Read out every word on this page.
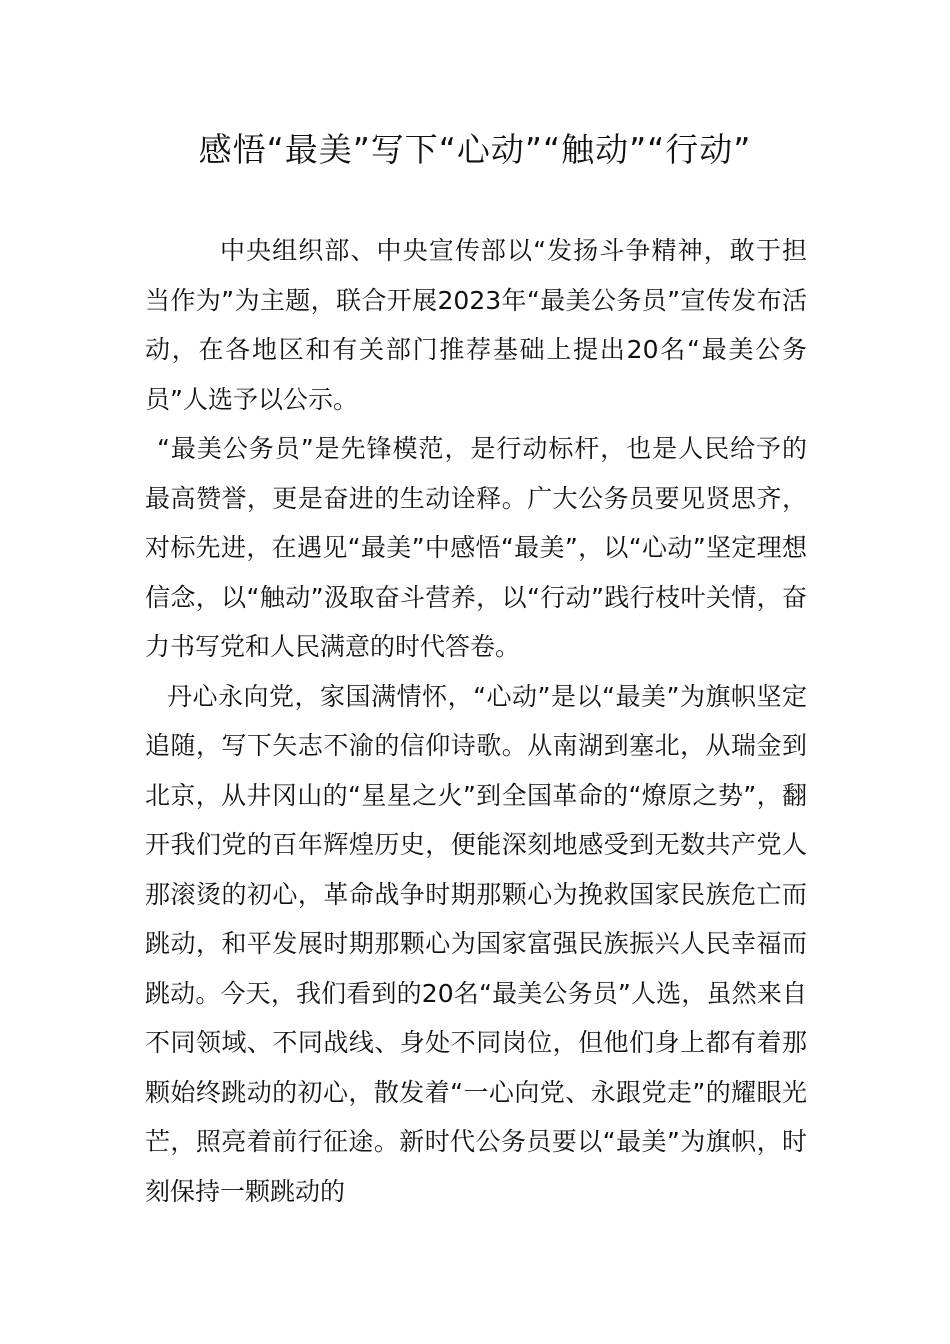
感悟“最美”写下“心动”“触动”“行动”

中央组织部、中央宣传部以“发扬斗争精神，敢于担当作为”为主题，联合开展2023年“最美公务员”宣传发布活动，在各地区和有关部门推荐基础上提出20名“最美公务员”人选予以公示。

“最美公务员”是先锋模范，是行动标杆，也是人民给予的最高赞誉，更是奋进的生动诠释。广大公务员要见贤思齐，对标先进，在遇见“最美”中感悟“最美”，以“心动”坚定理想信念，以“触动”汲取奋斗营养，以“行动”践行枝叶关情，奋力书写党和人民满意的时代答卷。

丹心永向党，家国满情怀，“心动”是以“最美”为旗帜坚定追随，写下矢志不渝的信仰诗歌。从南湖到塞北，从瑞金到北京，从井冈山的“星星之火”到全国革命的“燎原之势”，翻开我们党的百年辉煌历史，便能深刻地感受到无数共产党人那滚烫的初心，革命战争时期那颗心为挽救国家民族危亡而跳动，和平发展时期那颗心为国家富强民族振兴人民幸福而跳动。今天，我们看到的20名“最美公务员”人选，虽然来自不同领域、不同战线、身处不同岗位，但他们身上都有着那颗始终跳动的初心，散发着“一心向党、永跟党走”的耀眼光芒，照亮着前行征途。新时代公务员要以“最美”为旗帜，时刻保持一颗跳动的
